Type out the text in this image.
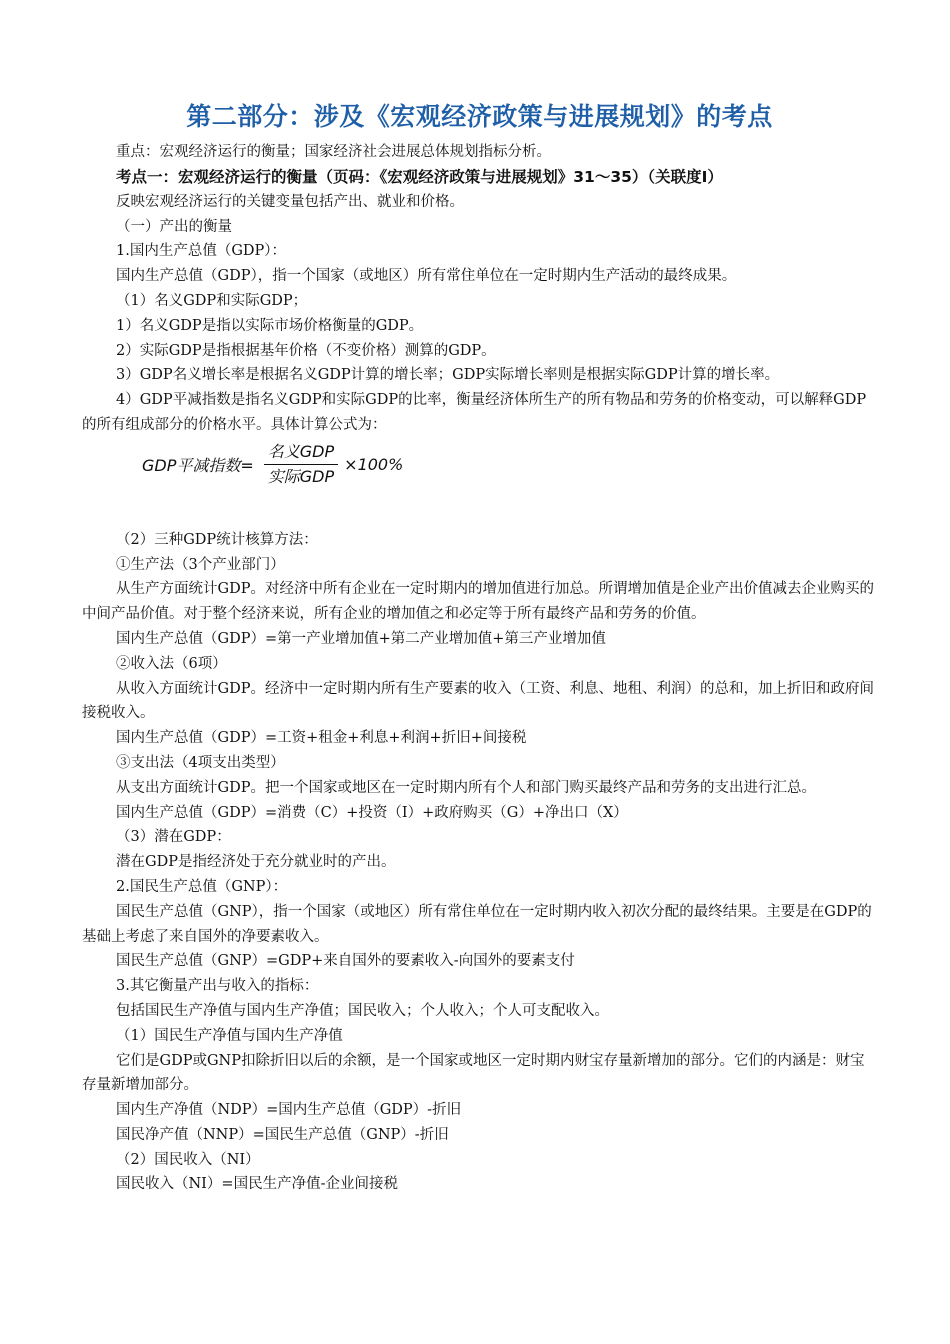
第二部分：涉及《宏观经济政策与进展规划》的考点

重点：宏观经济运行的衡量；国家经济社会进展总体规划指标分析。

考点一：宏观经济运行的衡量（页码：《宏观经济政策与进展规划》31～35）（关联度Ⅰ）

反映宏观经济运行的关键变量包括产出、就业和价格。

（一）产出的衡量

1.国内生产总值（GDP）：

国内生产总值（GDP），指一个国家（或地区）所有常住单位在一定时期内生产活动的最终成果。

（1）名义GDP和实际GDP；

1）名义GDP是指以实际市场价格衡量的GDP。

2）实际GDP是指根据基年价格（不变价格）测算的GDP。

3）GDP名义增长率是根据名义GDP计算的增长率；GDP实际增长率则是根据实际GDP计算的增长率。

4）GDP平减指数是指名义GDP和实际GDP的比率，衡量经济体所生产的所有物品和劳务的价格变动，可以解释GDP的所有组成部分的价格水平。具体计算公式为：

GDP平减指数= $\frac{\text{名义GDP}}{\text{实际GDP}} \times 100\%$

（2）三种GDP统计核算方法：

①生产法（3个产业部门）

从生产方面统计GDP。对经济中所有企业在一定时期内的增加值进行加总。所谓增加值是企业产出价值减去企业购买的中间产品价值。对于整个经济来说，所有企业的增加值之和必定等于所有最终产品和劳务的价值。

国内生产总值（GDP）=第一产业增加值+第二产业增加值+第三产业增加值

②收入法（6项）

从收入方面统计GDP。经济中一定时期内所有生产要素的收入（工资、利息、地租、利润）的总和，加上折旧和政府间接税收入。

国内生产总值（GDP）=工资+租金+利息+利润+折旧+间接税

③支出法（4项支出类型）

从支出方面统计GDP。把一个国家或地区在一定时期内所有个人和部门购买最终产品和劳务的支出进行汇总。

国内生产总值（GDP）=消费（C）+投资（I）+政府购买（G）+净出口（X）

（3）潜在GDP：

潜在GDP是指经济处于充分就业时的产出。

2.国民生产总值（GNP）：

国民生产总值（GNP），指一个国家（或地区）所有常住单位在一定时期内收入初次分配的最终结果。主要是在GDP的基础上考虑了来自国外的净要素收入。

国民生产总值（GNP）=GDP+来自国外的要素收入-向国外的要素支付

3.其它衡量产出与收入的指标：

包括国民生产净值与国内生产净值；国民收入；个人收入；个人可支配收入。

（1）国民生产净值与国内生产净值

它们是GDP或GNP扣除折旧以后的余额，是一个国家或地区一定时期内财宝存量新增加的部分。它们的内涵是：财宝存量新增加部分。

国内生产净值（NDP）=国内生产总值（GDP）-折旧

国民净产值（NNP）=国民生产总值（GNP）-折旧

（2）国民收入（NI）

国民收入（NI）=国民生产净值-企业间接税
